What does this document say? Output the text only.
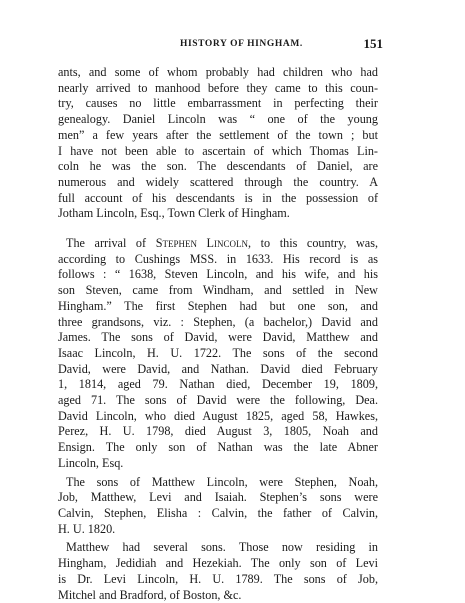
HISTORY OF HINGHAM.	151
ants, and some of whom probably had children who had
nearly arrived to manhood before they came to this coun-
try, causes no little embarrassment in perfecting their
genealogy. Daniel Lincoln was “ one of the young
men” a few years after the settlement of the town ; but
I have not been able to ascertain of which Thomas Lin-
coln he was the son. The descendants of Daniel, are
numerous and widely scattered through the country. A
full account of his descendants is in the possession of
Jotham Lincoln, Esq., Town Clerk of Hingham.
The arrival of Stephen Lincoln, to this country, was,
according to Cushings MSS. in 1633. His record is as
follows : “ 1638, Steven Lincoln, and his wife, and his
son Steven, came from Windham, and settled in New
Hingham.” The first Stephen had but one son, and
three grandsons, viz. : Stephen, (a bachelor,) David and
James. The sons of David, were David, Matthew and
Isaac Lincoln, H. U. 1722. The sons of the second
David, were David, and Nathan. David died February
1, 1814, aged 79. Nathan died, December 19, 1809,
aged 71. The sons of David were the following, Dea.
David Lincoln, who died August 1825, aged 58, Hawkes,
Perez, H. U. 1798, died August 3, 1805, Noah and
Ensign. The only son of Nathan was the late Abner
Lincoln, Esq.
The sons of Matthew Lincoln, were Stephen, Noah,
Job, Matthew, Levi and Isaiah. Stephen’s sons were
Calvin, Stephen, Elisha : Calvin, the father of Calvin,
H. U. 1820.
Matthew had several sons. Those now residing in
Hingham, Jedidiah and Hezekiah. The only son of Levi
is Dr. Levi Lincoln, H. U. 1789. The sons of Job,
Mitchel and Bradford, of Boston, &c.
